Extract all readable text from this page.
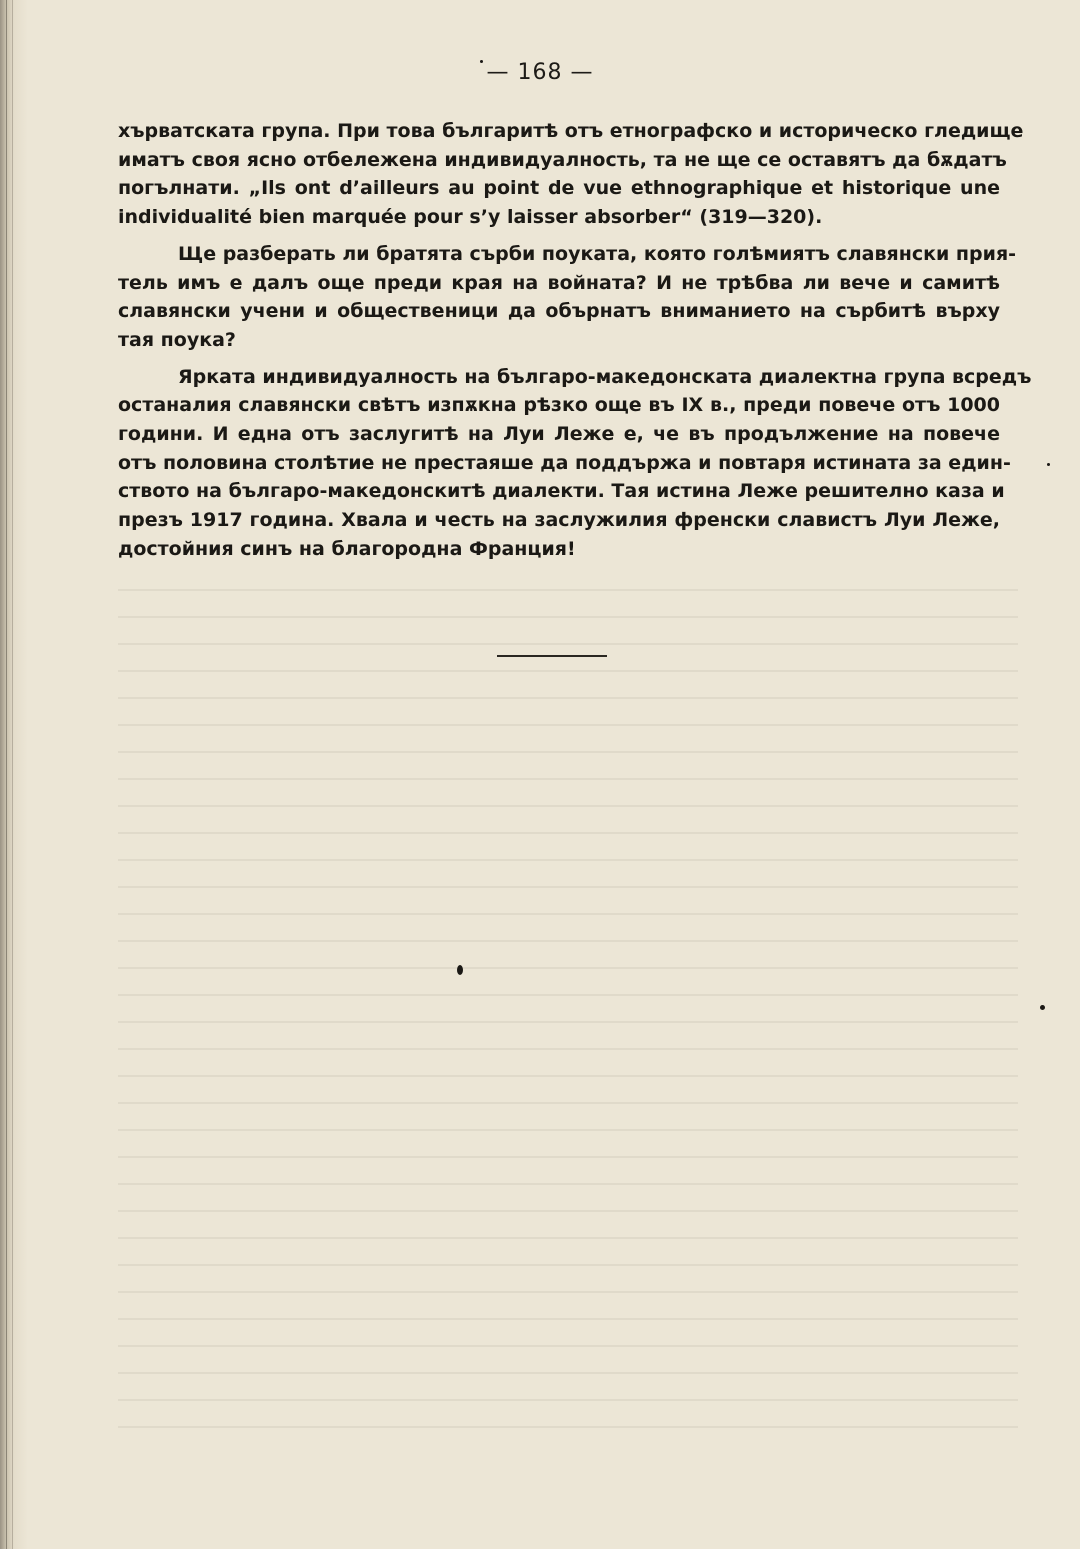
— 168 —
хърватската група. При това българитѣ отъ етнографско и историческо гледище
иматъ своя ясно отбележена индивидуалность, та не ще се оставятъ да бѫдатъ
погълнати. „Ils ont d’ailleurs au point de vue ethnographique et historique une
individualité bien marquée pour s’y laisser absorber“ (319—320).
Ще разберать ли братята сърби поуката, която голѣмиятъ славянски прия-
тель имъ е далъ още преди края на войната? И не трѣбва ли вече и самитѣ
славянски учени и общественици да обърнатъ вниманието на сърбитѣ върху
тая поука?
Ярката индивидуалность на българо-македонската диалектна група всредъ
останалия славянски свѣтъ изпѫкна рѣзко още въ IX в., преди повече отъ 1000
години. И една отъ заслугитѣ на Луи Леже е, че въ продължение на повече
отъ половина столѣтие не престаяше да поддържа и повтаря истината за един-
ството на българо-македонскитѣ диалекти. Тая истина Леже решително каза и
презъ 1917 година. Хвала и честь на заслужилия френски славистъ Луи Леже,
достойния синъ на благородна Франция!
